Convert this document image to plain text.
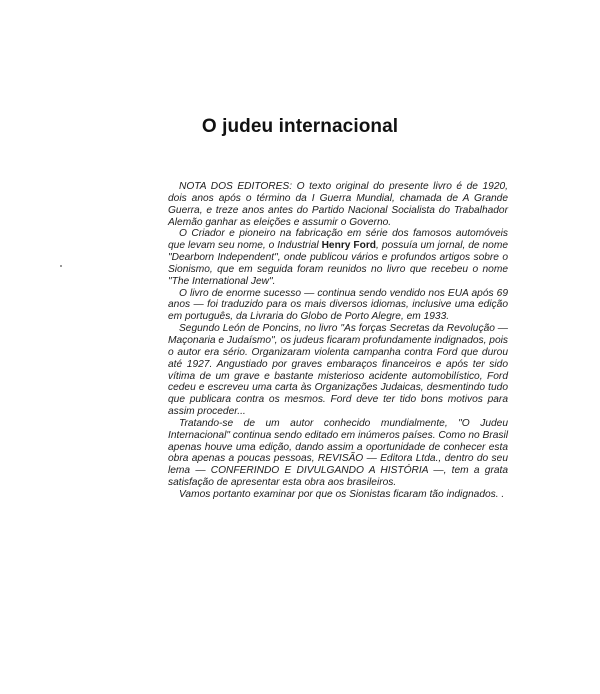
O judeu internacional

NOTA DOS EDITORES: O texto original do presente livro é de 1920, dois anos após o término da I Guerra Mundial, chamada de A Grande Guerra, e treze anos antes do Partido Nacional Socialista do Trabalhador Alemão ganhar as eleições e assumir o Governo.

O Criador e pioneiro na fabricação em série dos famosos automóveis que levam seu nome, o Industrial Henry Ford, possuía um jornal, de nome "Dearborn Independent", onde publicou vários e profundos artigos sobre o Sionismo, que em seguida foram reunidos no livro que recebeu o nome "The International Jew".

O livro de enorme sucesso — continua sendo vendido nos EUA após 69 anos — foi traduzido para os mais diversos idiomas, inclusive uma edição em português, da Livraria do Globo de Porto Alegre, em 1933.

Segundo León de Poncins, no livro "As forças Secretas da Revolução — Maçonaria e Judaísmo", os judeus ficaram profundamente indignados, pois o autor era sério. Organizaram violenta campanha contra Ford que durou até 1927. Angustiado por graves embaraços financeiros e após ter sido vítima de um grave e bastante misterioso acidente automobilístico, Ford cedeu e escreveu uma carta às Organizações Judaicas, desmentindo tudo que publicara contra os mesmos. Ford deve ter tido bons motivos para assim proceder...

Tratando-se de um autor conhecido mundialmente, "O Judeu Internacional" continua sendo editado em inúmeros países. Como no Brasil apenas houve uma edição, dando assim a oportunidade de conhecer esta obra apenas a poucas pessoas, REVISÃO — Editora Ltda., dentro do seu lema — CONFERINDO E DIVULGANDO A HISTÓRIA —, tem a grata satisfação de apresentar esta obra aos brasileiros.

Vamos portanto examinar por que os Sionistas ficaram tão indignados. .
